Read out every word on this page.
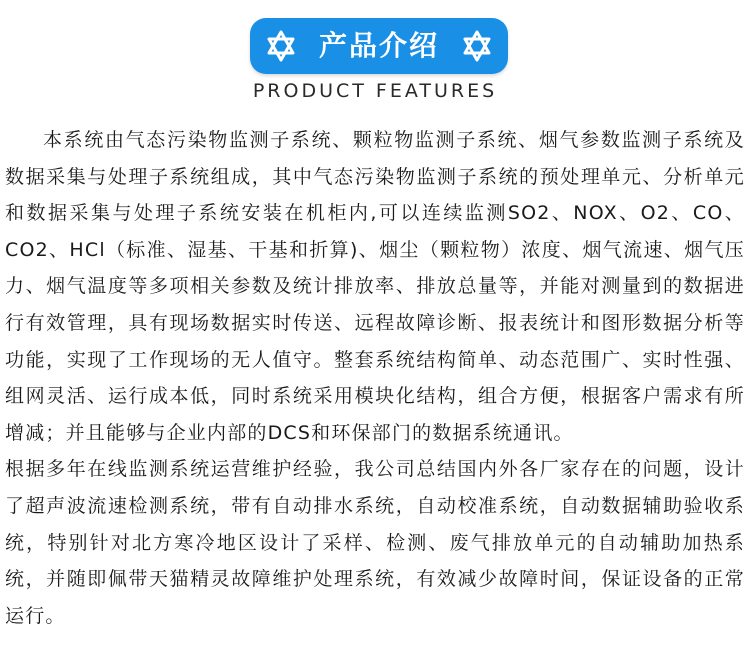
产品介绍
PRODUCT FEATURES

本系统由气态污染物监测子系统、颗粒物监测子系统、烟气参数监测子系统及数据采集与处理子系统组成，其中气态污染物监测子系统的预处理单元、分析单元和数据采集与处理子系统安装在机柜内,可以连续监测SO2、NOX、O2、CO、CO2、HCl（标准、湿基、干基和折算)、烟尘（颗粒物）浓度、烟气流速、烟气压力、烟气温度等多项相关参数及统计排放率、排放总量等，并能对测量到的数据进行有效管理，具有现场数据实时传送、远程故障诊断、报表统计和图形数据分析等功能，实现了工作现场的无人值守。整套系统结构简单、动态范围广、实时性强、组网灵活、运行成本低，同时系统采用模块化结构，组合方便，根据客户需求有所增减；并且能够与企业内部的DCS和环保部门的数据系统通讯。

根据多年在线监测系统运营维护经验，我公司总结国内外各厂家存在的问题，设计了超声波流速检测系统，带有自动排水系统，自动校准系统，自动数据辅助验收系统，特别针对北方寒冷地区设计了采样、检测、废气排放单元的自动辅助加热系统，并随即佩带天猫精灵故障维护处理系统，有效减少故障时间，保证设备的正常运行。
